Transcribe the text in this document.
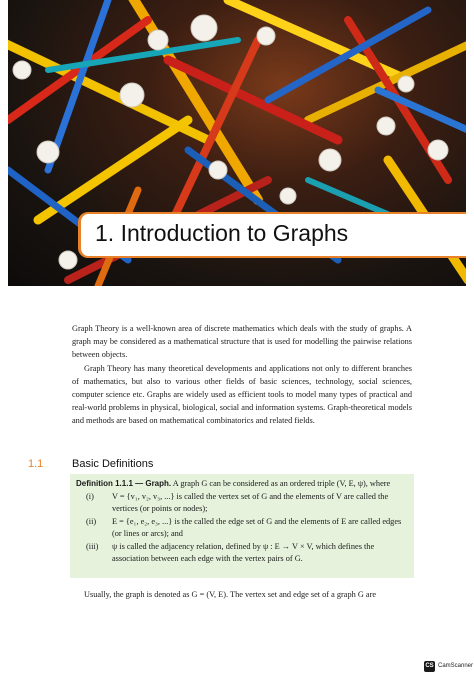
1. Introduction to Graphs

Graph Theory is a well-known area of discrete mathematics which deals with the study of graphs. A graph may be considered as a mathematical structure that is used for modelling the pairwise relations between objects.

Graph Theory has many theoretical developments and applications not only to different branches of mathematics, but also to various other fields of basic sciences, technology, social sciences, computer science etc. Graphs are widely used as efficient tools to model many types of practical and real-world problems in physical, biological, social and information systems. Graph-theoretical models and methods are based on mathematical combinatorics and related fields.

1.1	Basic Definitions
Definition 1.1.1 — Graph. A graph G can be considered as an ordered triple (V, E, ψ), where
(i) V = {v₁, v₂, v₃, ...} is called the vertex set of G and the elements of V are called the vertices (or points or nodes);
(ii) E = {e₁, e₂, e₃, ...} is the called the edge set of G and the elements of E are called edges (or lines or arcs); and
(iii) ψ is called the adjacency relation, defined by ψ : E → V × V, which defines the association between each edge with the vertex pairs of G.
Usually, the graph is denoted as G = (V, E). The vertex set and edge set of a graph G are
CS CamScanner
